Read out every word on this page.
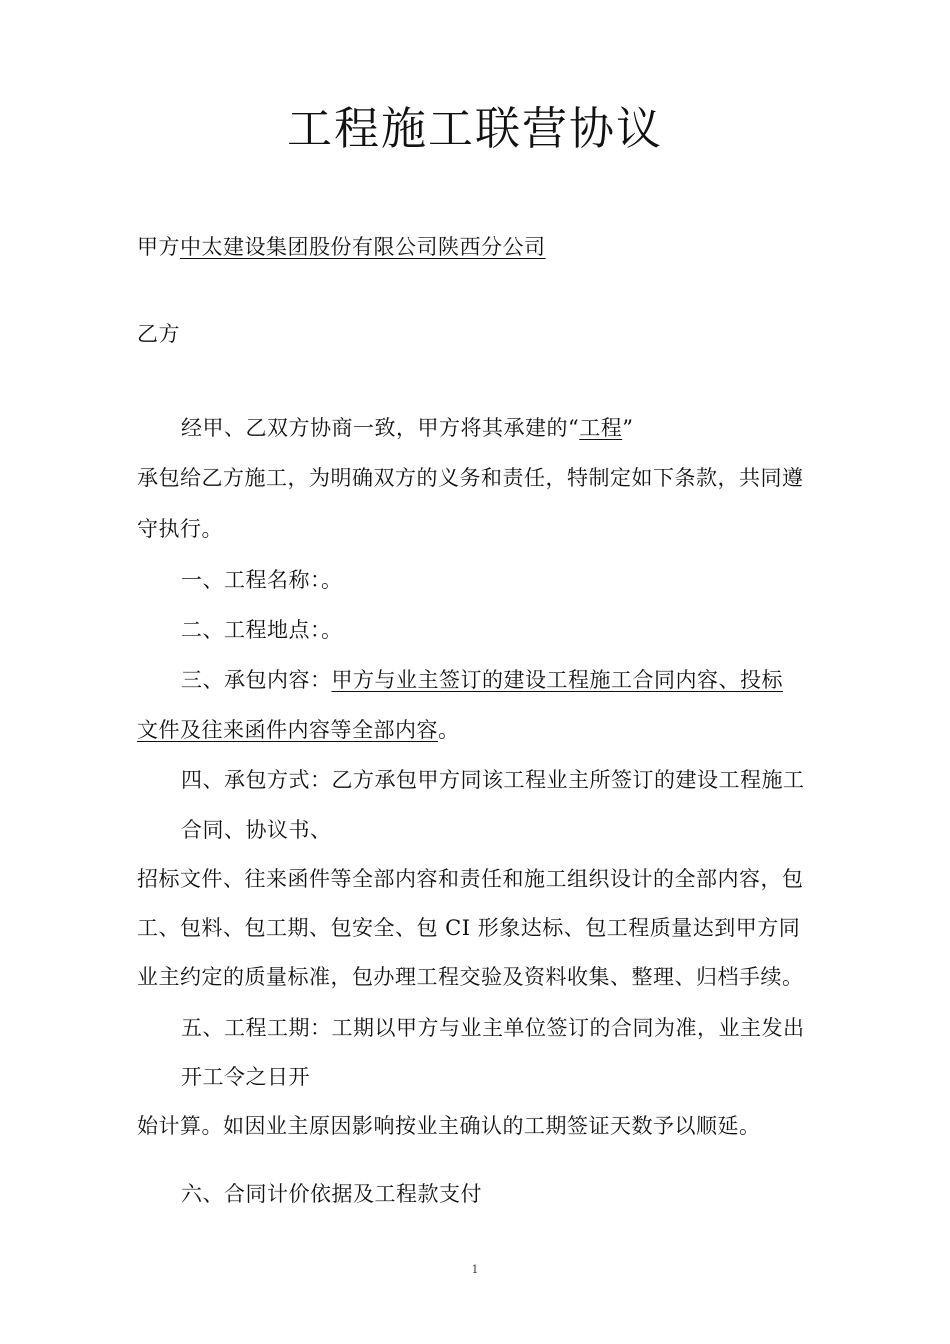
工程施工联营协议
甲方中太建设集团股份有限公司陕西分公司
乙方
经甲、乙双方协商一致，甲方将其承建的“工程”
承包给乙方施工，为明确双方的义务和责任，特制定如下条款，共同遵
守执行。
一、工程名称：。
二、工程地点：。
三、承包内容：甲方与业主签订的建设工程施工合同内容、投标
文件及往来函件内容等全部内容。
四、承包方式：乙方承包甲方同该工程业主所签订的建设工程施工
合同、协议书、
招标文件、往来函件等全部内容和责任和施工组织设计的全部内容，包
工、包料、包工期、包安全、包 CI 形象达标、包工程质量达到甲方同
业主约定的质量标准，包办理工程交验及资料收集、整理、归档手续。
五、工程工期：工期以甲方与业主单位签订的合同为准，业主发出
开工令之日开
始计算。如因业主原因影响按业主确认的工期签证天数予以顺延。
六、合同计价依据及工程款支付
1
